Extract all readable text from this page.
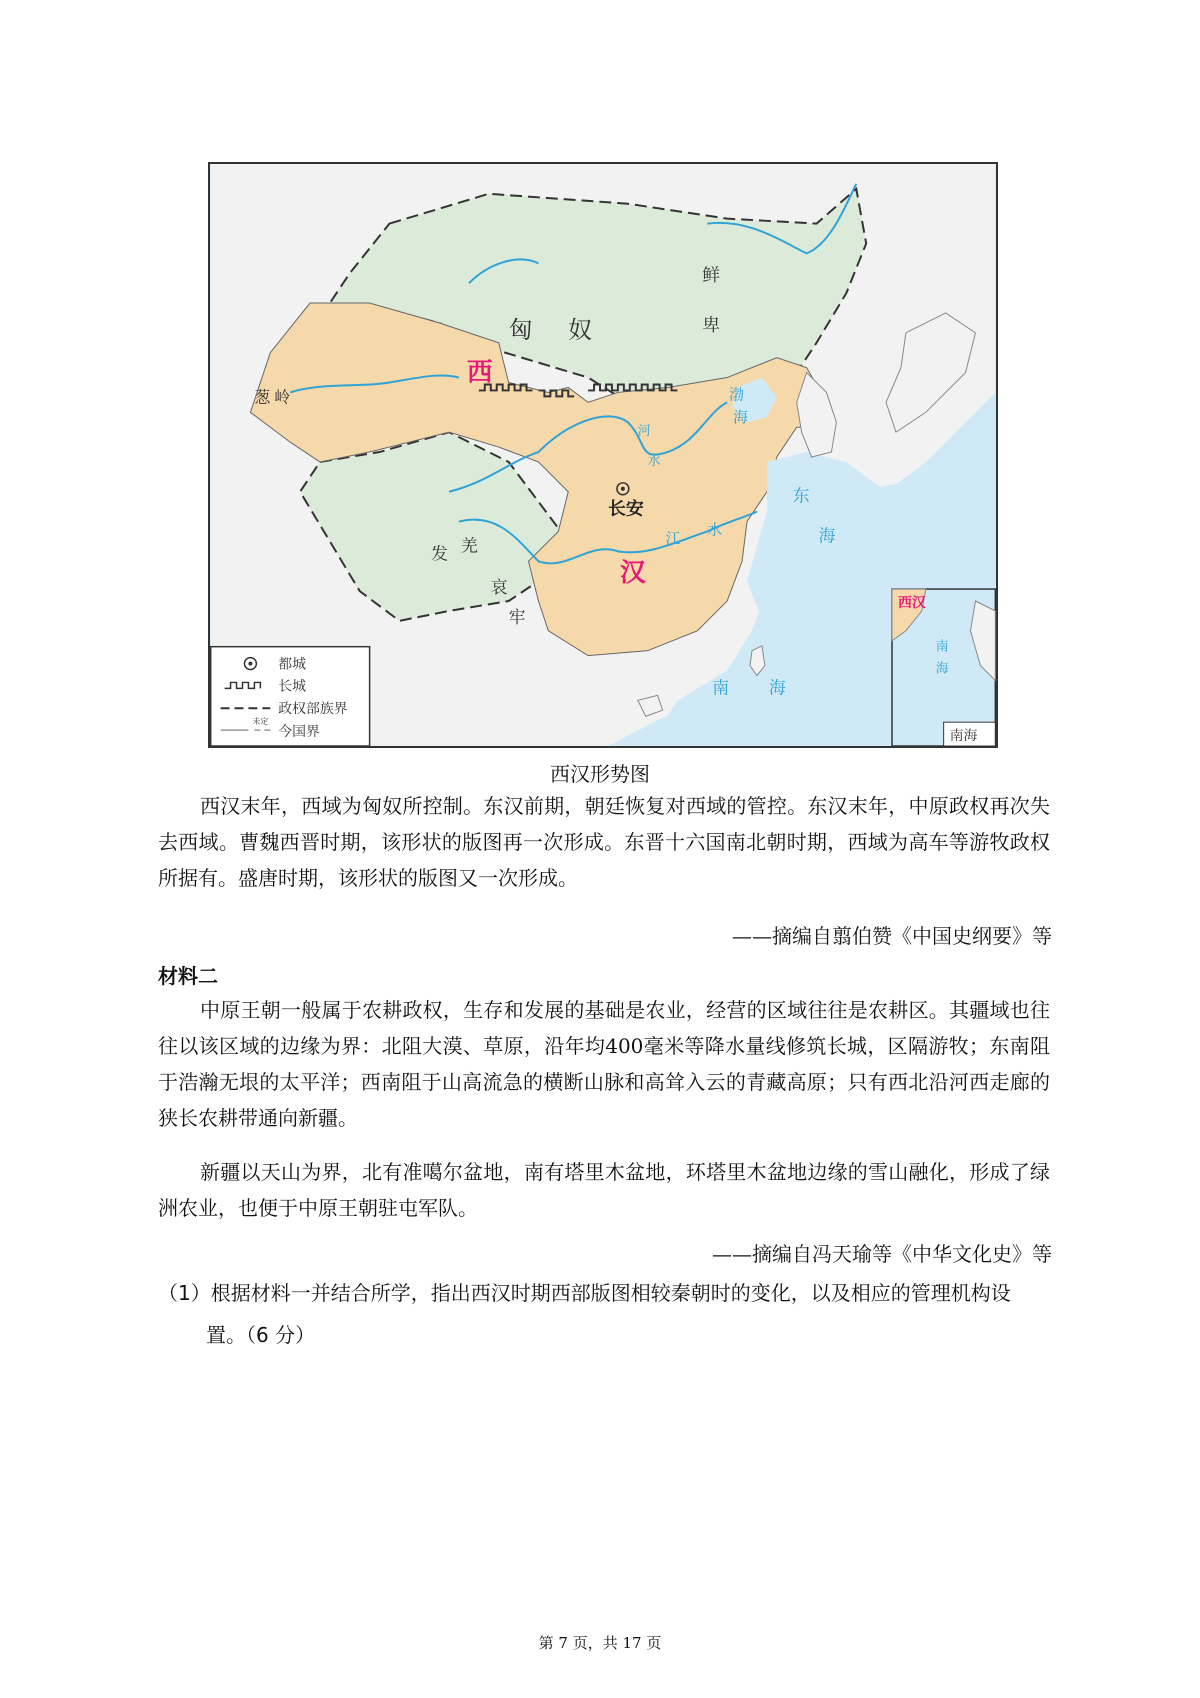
匈 奴
鲜
卑
西
汉
长安
葱 岭
发 羌
哀
牢
渤
海
河
水
江 水
东
海
南 海
西汉
南
海
南海
都城
长城
政权部族界
未定
今国界
西汉形势图

西汉末年，西域为匈奴所控制。东汉前期，朝廷恢复对西域的管控。东汉末年，中原政权再次失去西域。曹魏西晋时期，该形状的版图再一次形成。东晋十六国南北朝时期，西域为高车等游牧政权所据有。盛唐时期，该形状的版图又一次形成。

——摘编自翦伯赞《中国史纲要》等
材料二

中原王朝一般属于农耕政权，生存和发展的基础是农业，经营的区域往往是农耕区。其疆域也往往以该区域的边缘为界：北阻大漠、草原，沿年均400毫米等降水量线修筑长城，区隔游牧；东南阻于浩瀚无垠的太平洋；西南阻于山高流急的横断山脉和高耸入云的青藏高原；只有西北沿河西走廊的狭长农耕带通向新疆。

新疆以天山为界，北有准噶尔盆地，南有塔里木盆地，环塔里木盆地边缘的雪山融化，形成了绿洲农业，也便于中原王朝驻屯军队。

——摘编自冯天瑜等《中华文化史》等
（1）根据材料一并结合所学，指出西汉时期西部版图相较秦朝时的变化，以及相应的管理机构设
置。（6 分）
第 7 页，共 17 页
